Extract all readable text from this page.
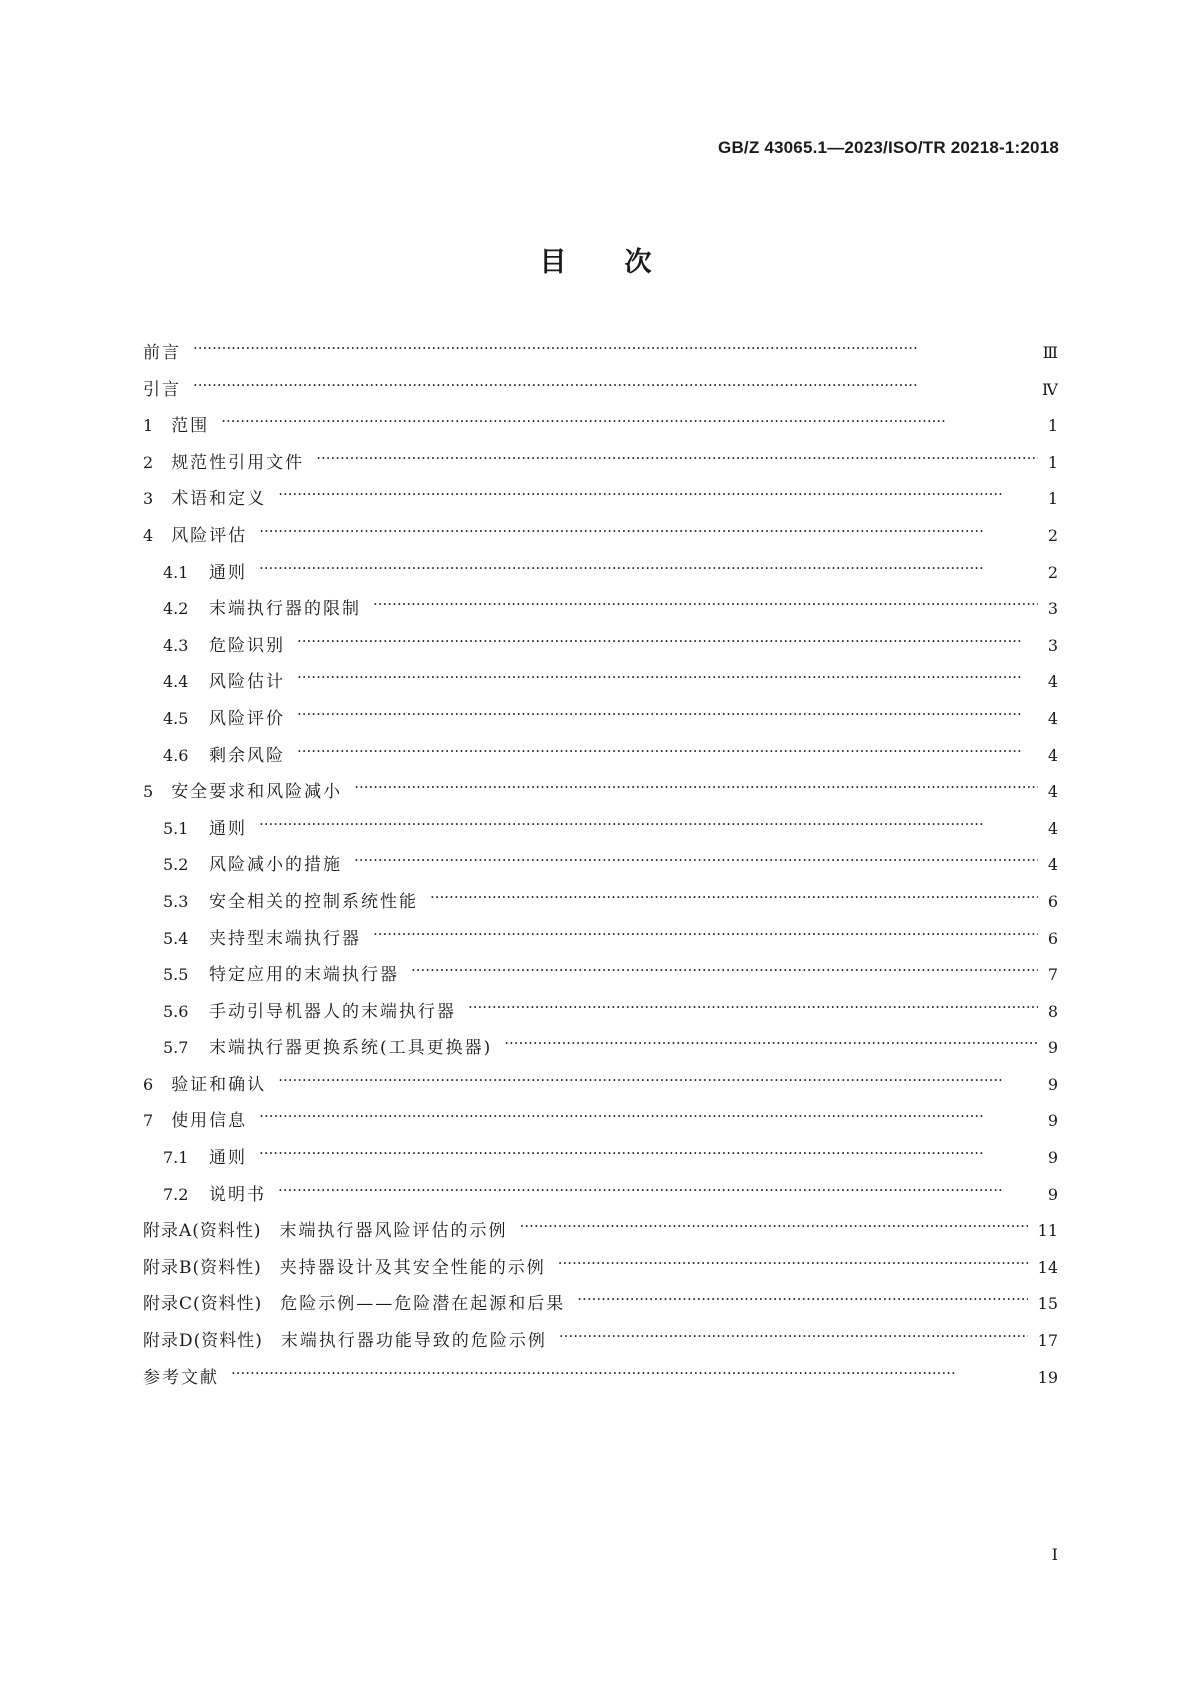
GB/Z 43065.1—2023/ISO/TR 20218-1:2018
目次
前言 ·····	Ⅲ
引言 ·····	Ⅳ
1 范围 ·····	1
2 规范性引用文件 ·····	1
3 术语和定义 ·····	1
4 风险评估 ·····	2
4.1 通则 ·····	2
4.2 末端执行器的限制 ·····	3
4.3 危险识别 ·····	3
4.4 风险估计 ·····	4
4.5 风险评价 ·····	4
4.6 剩余风险 ·····	4
5 安全要求和风险减小 ·····	4
5.1 通则 ·····	4
5.2 风险减小的措施 ·····	4
5.3 安全相关的控制系统性能 ·····	6
5.4 夹持型末端执行器 ·····	6
5.5 特定应用的末端执行器 ·····	7
5.6 手动引导机器人的末端执行器 ·····	8
5.7 末端执行器更换系统(工具更换器) ·····	9
6 验证和确认 ·····	9
7 使用信息 ·····	9
7.1 通则 ·····	9
7.2 说明书 ·····	9
附录A(资料性) 末端执行器风险评估的示例 ·····	11
附录B(资料性) 夹持器设计及其安全性能的示例 ·····	14
附录C(资料性) 危险示例——危险潜在起源和后果 ·····	15
附录D(资料性) 末端执行器功能导致的危险示例 ·····	17
参考文献 ·····	19
I
